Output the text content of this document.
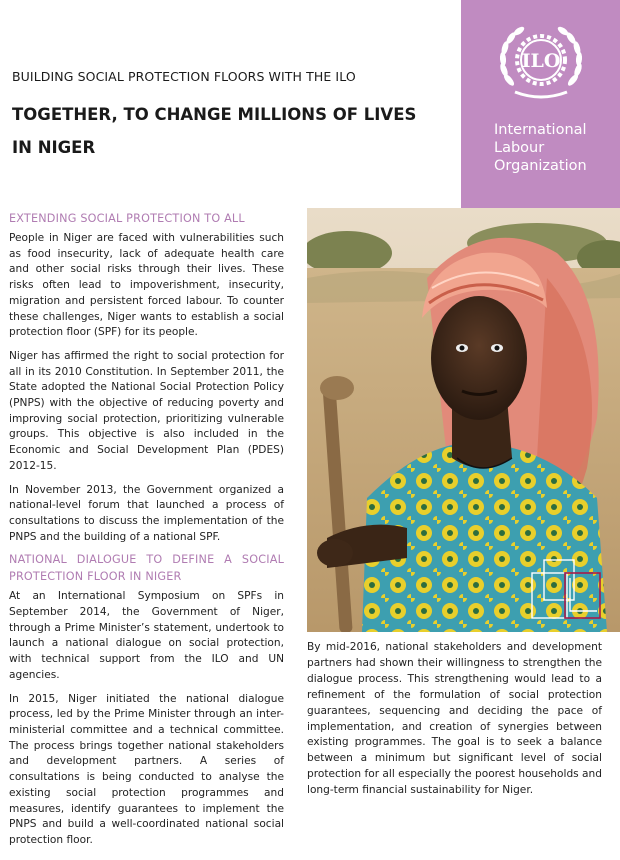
BUILDING SOCIAL PROTECTION FLOORS WITH THE ILO
TOGETHER, TO CHANGE MILLIONS OF LIVES IN NIGER
ILO
International
Labour
Organization
EXTENDING SOCIAL PROTECTION TO ALL

People in Niger are faced with vulnerabilities such as food insecurity, lack of adequate health care and other social risks through their lives. These risks often lead to impoverishment, insecurity, migration and persistent forced labour. To counter these challenges, Niger wants to establish a social protection floor (SPF) for its people.

Niger has affirmed the right to social protection for all in its 2010 Constitution. In September 2011, the State adopted the National Social Protection Policy (PNPS) with the objective of reducing poverty and improving social protection, prioritizing vulnerable groups. This objective is also included in the Economic and Social Development Plan (PDES) 2012-15.

In November 2013, the Government organized a national-level forum that launched a process of consultations to discuss the implementation of the PNPS and the building of a national SPF.

NATIONAL DIALOGUE TO DEFINE A SOCIAL PROTECTION FLOOR IN NIGER

At an International Symposium on SPFs in September 2014, the Government of Niger, through a Prime Minister’s statement, undertook to launch a national dialogue on social protection, with technical support from the ILO and UN agencies.

In 2015, Niger initiated the national dialogue process, led by the Prime Minister through an inter-ministerial committee and a technical committee. The process brings together national stakeholders and development partners. A series of consultations is being conducted to analyse the existing social protection programmes and measures, identify guarantees to implement the PNPS and build a well-coordinated national social protection floor.

By mid-2016, national stakeholders and development partners had shown their willingness to strengthen the dialogue process. This strengthening would lead to a refinement of the formulation of social protection guarantees, sequencing and deciding the pace of implementation, and creation of synergies between existing programmes. The goal is to seek a balance between a minimum but significant level of social protection for all especially the poorest households and long-term financial sustainability for Niger.
